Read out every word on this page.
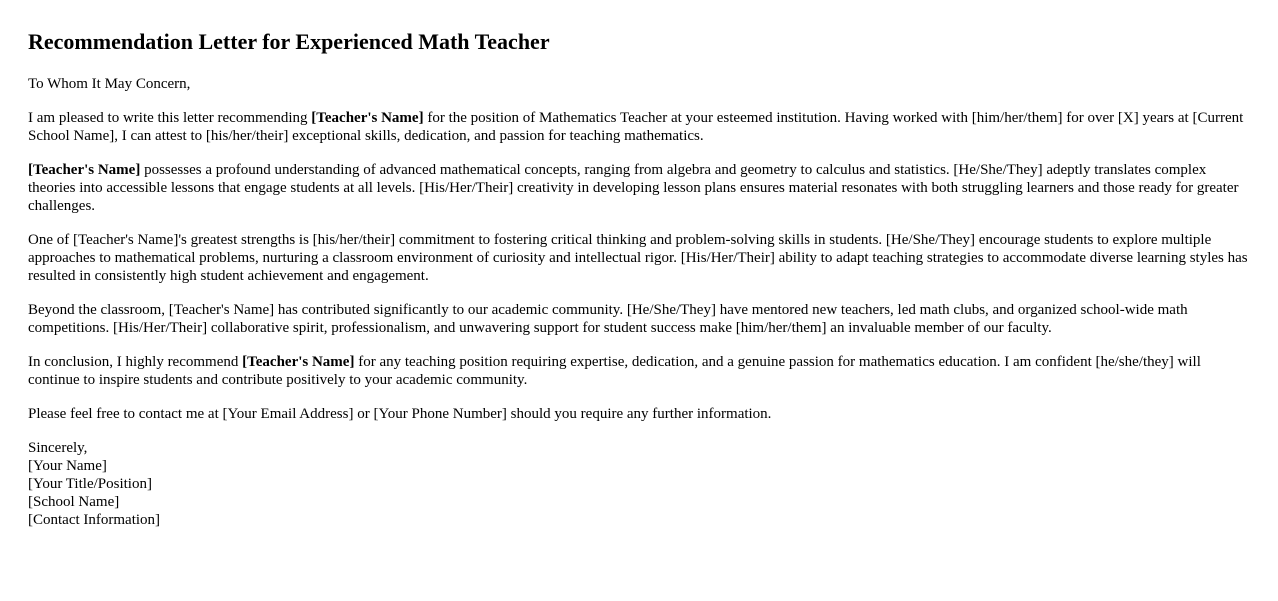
Recommendation Letter for Experienced Math Teacher

To Whom It May Concern,

I am pleased to write this letter recommending [Teacher's Name] for the position of Mathematics Teacher at your esteemed institution. Having worked with [him/her/them] for over [X] years at [Current School Name], I can attest to [his/her/their] exceptional skills, dedication, and passion for teaching mathematics.

[Teacher's Name] possesses a profound understanding of advanced mathematical concepts, ranging from algebra and geometry to calculus and statistics. [He/She/They] adeptly translates complex theories into accessible lessons that engage students at all levels. [His/Her/Their] creativity in developing lesson plans ensures material resonates with both struggling learners and those ready for greater challenges.

One of [Teacher's Name]'s greatest strengths is [his/her/their] commitment to fostering critical thinking and problem-solving skills in students. [He/She/They] encourage students to explore multiple approaches to mathematical problems, nurturing a classroom environment of curiosity and intellectual rigor. [His/Her/Their] ability to adapt teaching strategies to accommodate diverse learning styles has resulted in consistently high student achievement and engagement.

Beyond the classroom, [Teacher's Name] has contributed significantly to our academic community. [He/She/They] have mentored new teachers, led math clubs, and organized school-wide math competitions. [His/Her/Their] collaborative spirit, professionalism, and unwavering support for student success make [him/her/them] an invaluable member of our faculty.

In conclusion, I highly recommend [Teacher's Name] for any teaching position requiring expertise, dedication, and a genuine passion for mathematics education. I am confident [he/she/they] will continue to inspire students and contribute positively to your academic community.

Please feel free to contact me at [Your Email Address] or [Your Phone Number] should you require any further information.

Sincerely,
[Your Name]
[Your Title/Position]
[School Name]
[Contact Information]
